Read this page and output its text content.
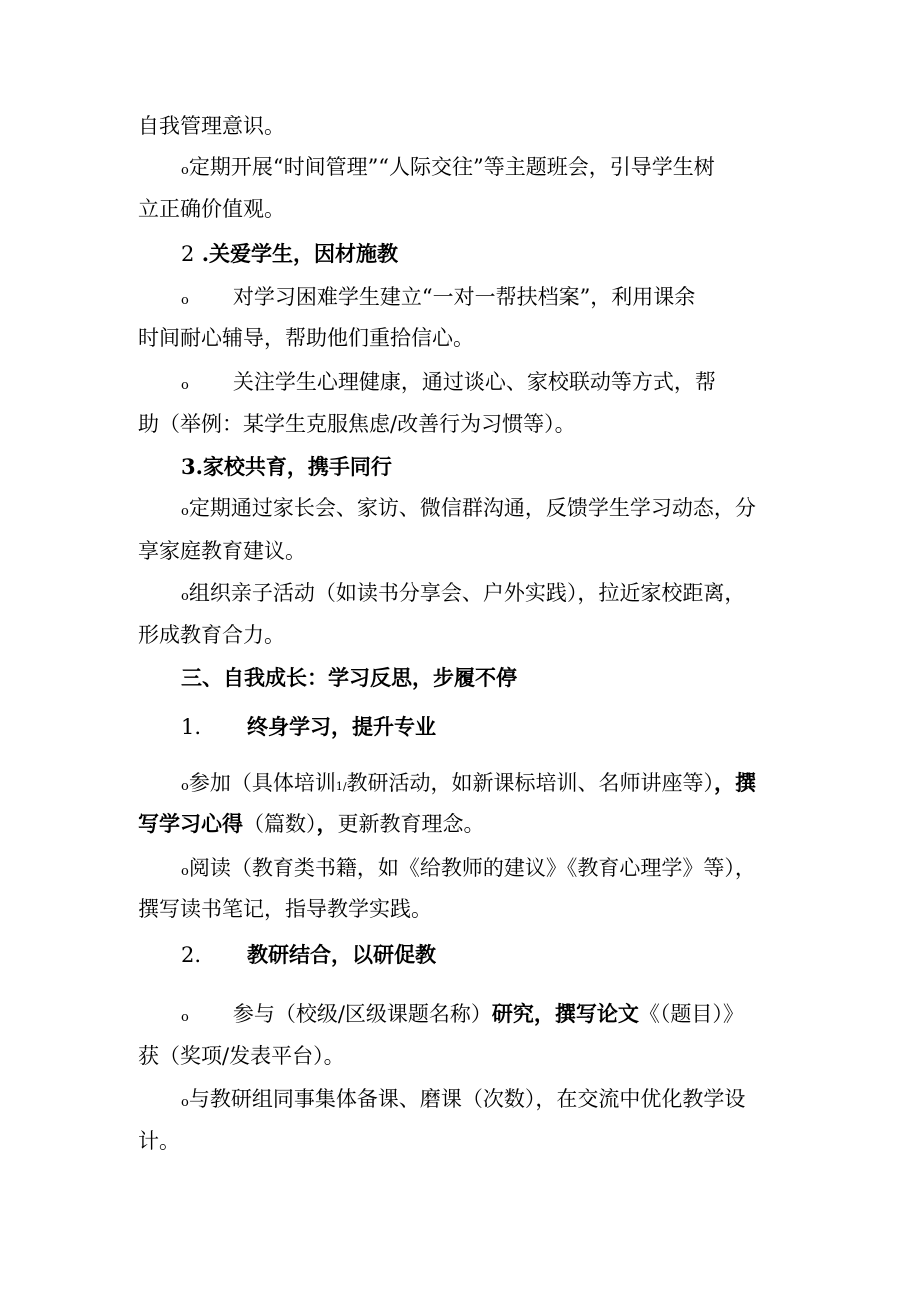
自我管理意识。

o定期开展“时间管理”“人际交往”等主题班会，引导学生树

立正确价值观。

2 .关爱学生，因材施教

o 对学习困难学生建立“一对一帮扶档案”，利用课余

时间耐心辅导，帮助他们重拾信心。

o 关注学生心理健康，通过谈心、家校联动等方式，帮

助（举例：某学生克服焦虑/改善行为习惯等）。

3.家校共育，携手同行

o定期通过家长会、家访、微信群沟通，反馈学生学习动态，分

享家庭教育建议。

o组织亲子活动（如读书分享会、户外实践），拉近家校距离，

形成教育合力。

三、自我成长：学习反思，步履不停

1. 终身学习，提升专业

o参加（具体培训1/教研活动，如新课标培训、名师讲座等），撰

写学习心得（篇数），更新教育理念。

o阅读（教育类书籍，如《给教师的建议》《教育心理学》等），

撰写读书笔记，指导教学实践。

2. 教研结合，以研促教

o 参与（校级/区级课题名称）研究，撰写论文《（题目）》

获（奖项/发表平台）。

o与教研组同事集体备课、磨课（次数），在交流中优化教学设

计。
